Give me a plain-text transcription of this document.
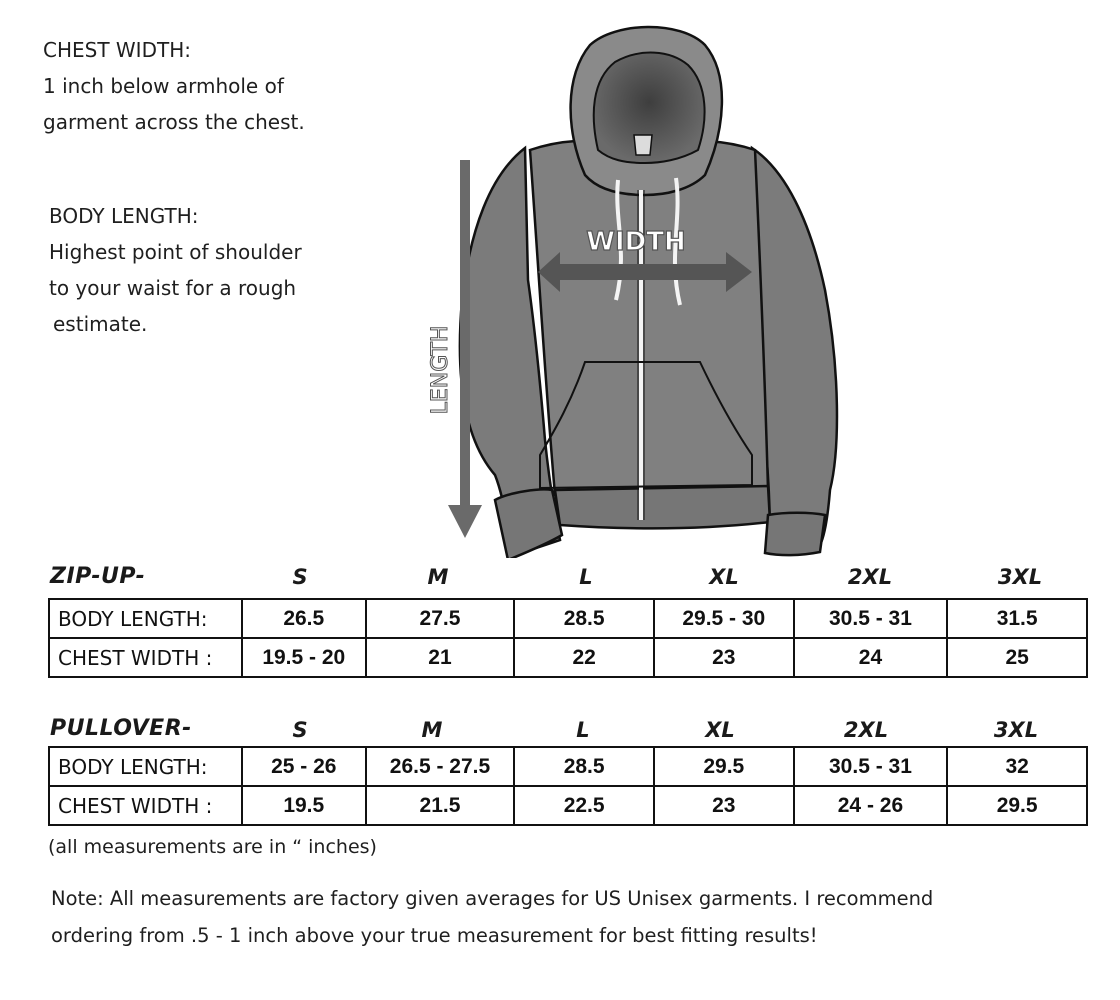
CHEST WIDTH:
1 inch below armhole of
garment across the chest.
BODY LENGTH:
Highest point of shoulder
to your waist for a rough
estimate.
WIDTH
LENGTH
ZIP-UP-	S	M	L	XL	2XL	3XL
BODY LENGTH:	26.5	27.5	28.5	29.5 - 30	30.5 - 31	31.5
CHEST WIDTH :	19.5 - 20	21	22	23	24	25
PULLOVER-	S	M	L	XL	2XL	3XL
BODY LENGTH:	25 - 26	26.5 - 27.5	28.5	29.5	30.5 - 31	32
CHEST WIDTH :	19.5	21.5	22.5	23	24 - 26	29.5
(all measurements are in “ inches)
Note: All measurements are factory given averages for US Unisex garments. I recommend
ordering from .5 - 1 inch above your true measurement for best fitting results!
